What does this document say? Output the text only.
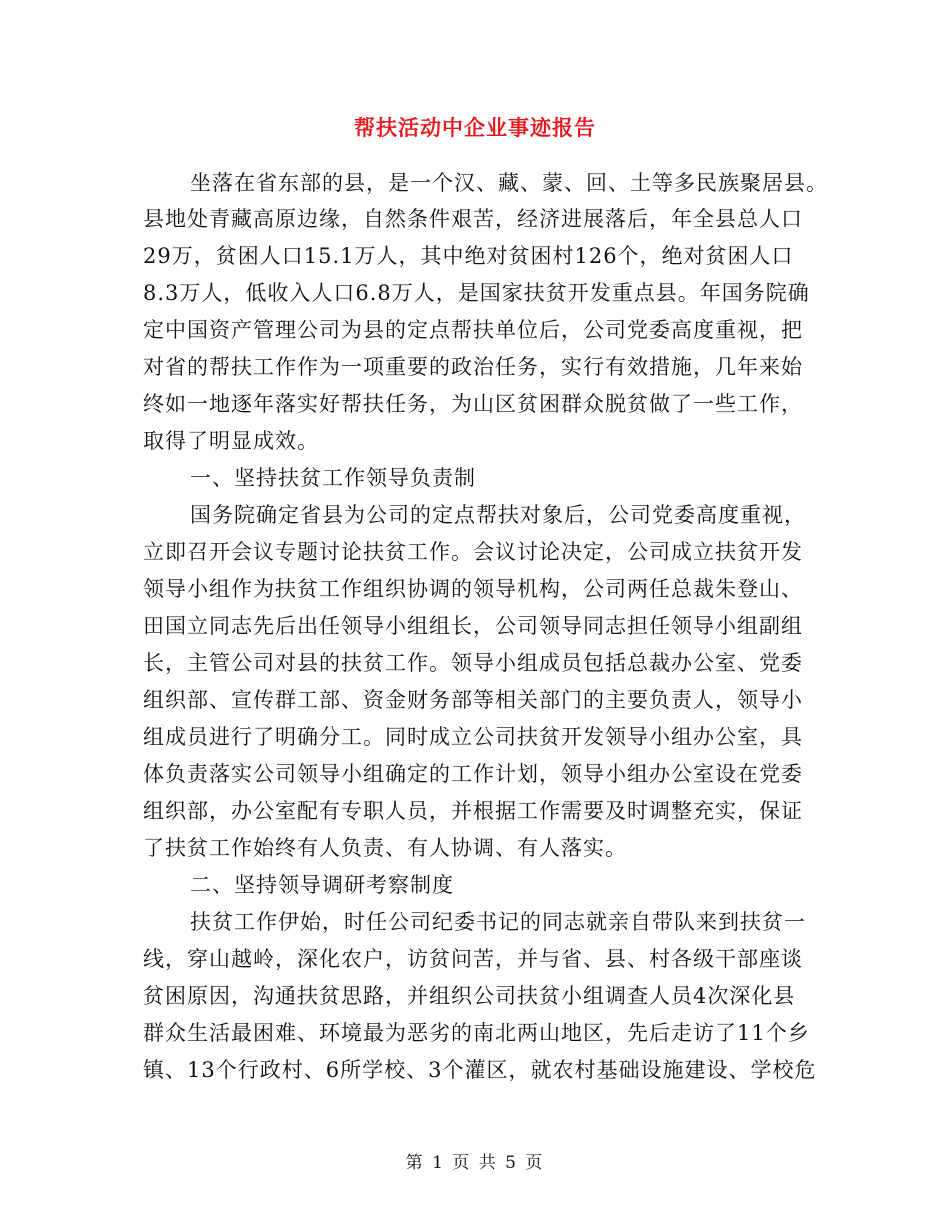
帮扶活动中企业事迹报告
坐落在省东部的县，是一个汉、藏、蒙、回、土等多民族聚居县。
县地处青藏高原边缘，自然条件艰苦，经济进展落后，年全县总人口
29万，贫困人口15.1万人，其中绝对贫困村126个，绝对贫困人口
8.3万人，低收入人口6.8万人，是国家扶贫开发重点县。年国务院确
定中国资产管理公司为县的定点帮扶单位后，公司党委高度重视，把
对省的帮扶工作作为一项重要的政治任务，实行有效措施，几年来始
终如一地逐年落实好帮扶任务，为山区贫困群众脱贫做了一些工作，
取得了明显成效。
一、坚持扶贫工作领导负责制
国务院确定省县为公司的定点帮扶对象后，公司党委高度重视，
立即召开会议专题讨论扶贫工作。会议讨论决定，公司成立扶贫开发
领导小组作为扶贫工作组织协调的领导机构，公司两任总裁朱登山、
田国立同志先后出任领导小组组长，公司领导同志担任领导小组副组
长，主管公司对县的扶贫工作。领导小组成员包括总裁办公室、党委
组织部、宣传群工部、资金财务部等相关部门的主要负责人，领导小
组成员进行了明确分工。同时成立公司扶贫开发领导小组办公室，具
体负责落实公司领导小组确定的工作计划，领导小组办公室设在党委
组织部，办公室配有专职人员，并根据工作需要及时调整充实，保证
了扶贫工作始终有人负责、有人协调、有人落实。
二、坚持领导调研考察制度
扶贫工作伊始，时任公司纪委书记的同志就亲自带队来到扶贫一
线，穿山越岭，深化农户，访贫问苦，并与省、县、村各级干部座谈
贫困原因，沟通扶贫思路，并组织公司扶贫小组调查人员4次深化县
群众生活最困难、环境最为恶劣的南北两山地区，先后走访了11个乡
镇、13个行政村、6所学校、3个灌区，就农村基础设施建设、学校危
第 1 页 共 5 页
